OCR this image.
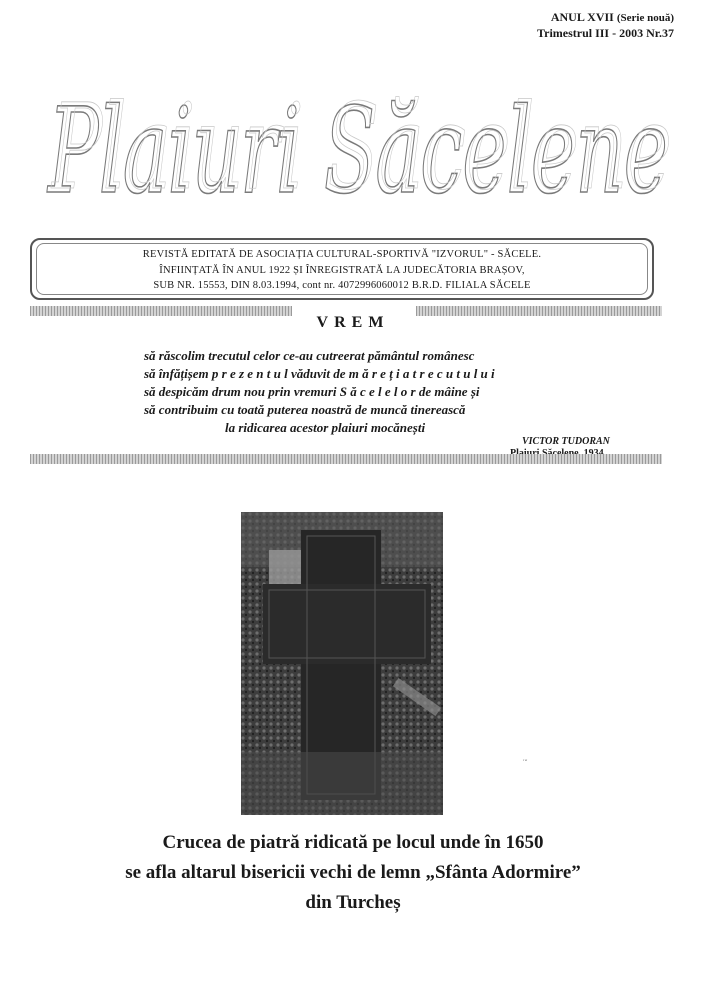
ANUL XVII (Serie nouă)
Trimestrul III - 2003 Nr.37
Plaiuri Săcelene
Plaiuri Săcelene
REVISTĂ EDITATĂ DE ASOCIAȚIA CULTURAL-SPORTIVĂ "IZVORUL" - SĂCELE.
ÎNFIINȚATĂ ÎN ANUL 1922 ȘI ÎNREGISTRATĂ LA JUDECĂTORIA BRAȘOV,
SUB NR. 15553, DIN 8.03.1994, cont nr. 4072996060012 B.R.D. FILIALA SĂCELE
VREM
să răscolim trecutul celor ce-au cutreerat pământul românesc
să înfățișem p r e z e n t u l văduvit de m ă r e ț i a t r e c u t u l u i
să despicăm drum nou prin vremuri S ă c e l e l o r de mâine și
să contribuim cu toată puterea noastră de muncă tinerească
la ridicarea acestor plaiuri mocănești
VICTOR TUDORAN
˙˘
Crucea de piatră ridicată pe locul unde în 1650
se afla altarul bisericii vechi de lemn „Sfânta Adormire”
din Turcheș
